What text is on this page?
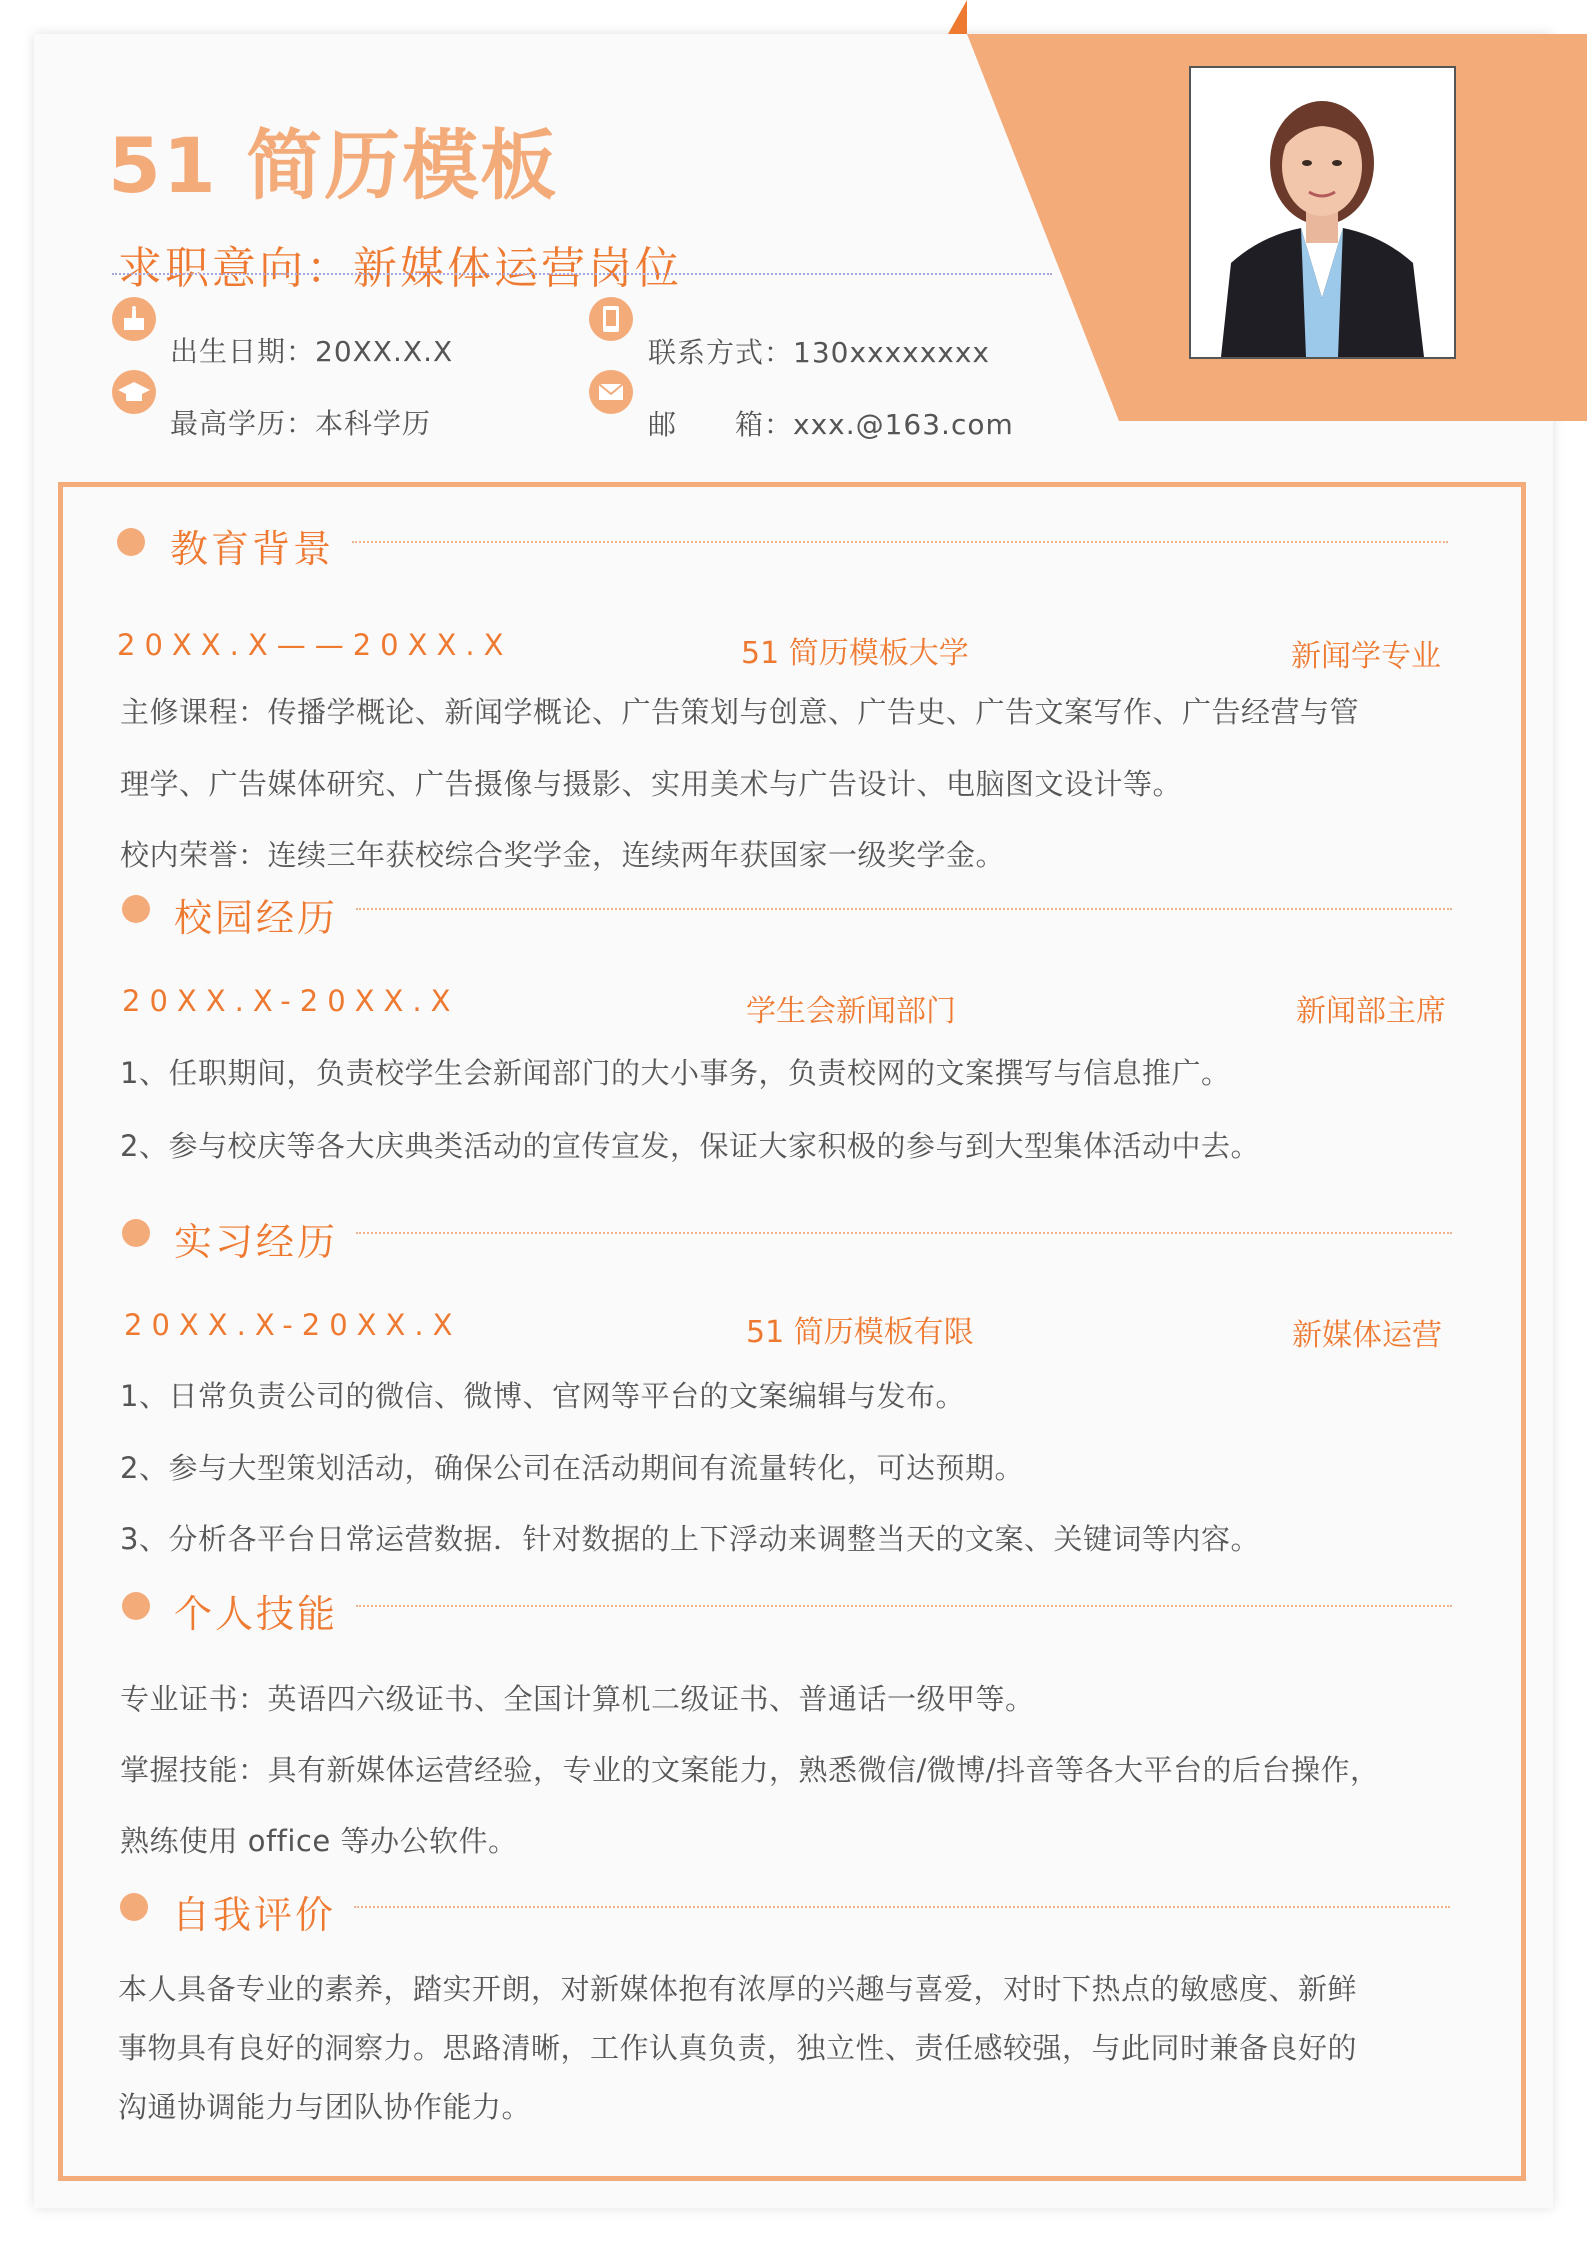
51 简历模板
求职意向：新媒体运营岗位
出生日期：20XX.X.X
最高学历：本科学历
联系方式：130xxxxxxxx
邮　　箱：xxx.@163.com
教育背景
20XX.X——20XX.X	51 简历模板大学	新闻学专业
主修课程：传播学概论、新闻学概论、广告策划与创意、广告史、广告文案写作、广告经营与管
理学、广告媒体研究、广告摄像与摄影、实用美术与广告设计、电脑图文设计等。
校内荣誉：连续三年获校综合奖学金，连续两年获国家一级奖学金。
校园经历
20XX.X-20XX.X	学生会新闻部门	新闻部主席
1、任职期间，负责校学生会新闻部门的大小事务，负责校网的文案撰写与信息推广。
2、参与校庆等各大庆典类活动的宣传宣发，保证大家积极的参与到大型集体活动中去。
实习经历
20XX.X-20XX.X	51 简历模板有限	新媒体运营
1、日常负责公司的微信、微博、官网等平台的文案编辑与发布。
2、参与大型策划活动，确保公司在活动期间有流量转化，可达预期。
3、分析各平台日常运营数据．针对数据的上下浮动来调整当天的文案、关键词等内容。
个人技能
专业证书：英语四六级证书、全国计算机二级证书、普通话一级甲等。
掌握技能：具有新媒体运营经验，专业的文案能力，熟悉微信/微博/抖音等各大平台的后台操作，
熟练使用 office 等办公软件。
自我评价
本人具备专业的素养，踏实开朗，对新媒体抱有浓厚的兴趣与喜爱，对时下热点的敏感度、新鲜
事物具有良好的洞察力。思路清晰，工作认真负责，独立性、责任感较强，与此同时兼备良好的
沟通协调能力与团队协作能力。
